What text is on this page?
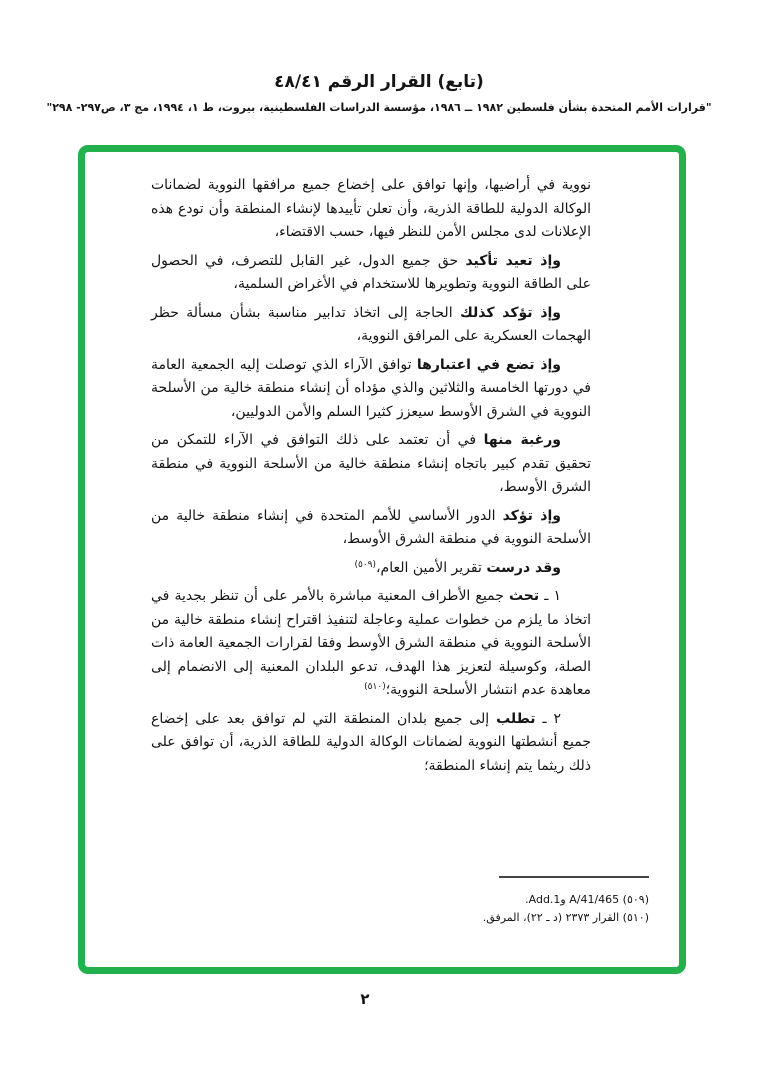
(تابع) القرار الرقم ٤٨/٤١
"قرارات الأمم المتحدة بشأن فلسطين ١٩٨٢ ــ ١٩٨٦، مؤسسة الدراسات الفلسطينية، بيروت، ط ١، ١٩٩٤، مج ٣، ص٢٩٧- ٢٩٨"

نووية في أراضيها، وإنها توافق على إخضاع جميع مرافقها النووية لضمانات الوكالة الدولية للطاقة الذرية، وأن تعلن تأييدها لإنشاء المنطقة وأن تودع هذه الإعلانات لدى مجلس الأمن للنظر فيها، حسب الاقتضاء،

وإذ تعيد تأكيد حق جميع الدول، غير القابل للتصرف، في الحصول على الطاقة النووية وتطويرها للاستخدام في الأغراض السلمية،

وإذ تؤكد كذلك الحاجة إلى اتخاذ تدابير مناسبة بشأن مسألة حظر الهجمات العسكرية على المرافق النووية،

وإذ تضع في اعتبارها توافق الآراء الذي توصلت إليه الجمعية العامة في دورتها الخامسة والثلاثين والذي مؤداه أن إنشاء منطقة خالية من الأسلحة النووية في الشرق الأوسط سيعزز كثيرا السلم والأمن الدوليين،

ورغبة منها في أن تعتمد على ذلك التوافق في الآراء للتمكن من تحقيق تقدم كبير باتجاه إنشاء منطقة خالية من الأسلحة النووية في منطقة الشرق الأوسط،

وإذ تؤكد الدور الأساسي للأمم المتحدة في إنشاء منطقة خالية من الأسلحة النووية في منطقة الشرق الأوسط،

وقد درست تقرير الأمين العام،$^{(٥٠٩)}$

١ ـ تحث جميع الأطراف المعنية مباشرة بالأمر على أن تنظر بجدية في اتخاذ ما يلزم من خطوات عملية وعاجلة لتنفيذ اقتراح إنشاء منطقة خالية من الأسلحة النووية في منطقة الشرق الأوسط وفقا لقرارات الجمعية العامة ذات الصلة، وكوسيلة لتعزيز هذا الهدف، تدعو البلدان المعنية إلى الانضمام إلى معاهدة عدم انتشار الأسلحة النووية؛$^{(٥١٠)}$

٢ ـ تطلب إلى جميع بلدان المنطقة التي لم توافق بعد على إخضاع جميع أنشطتها النووية لضمانات الوكالة الدولية للطاقة الذرية، أن توافق على ذلك ريثما يتم إنشاء المنطقة؛

(٥٠٩) A/41/465 وAdd.1.
(٥١٠) القرار ٢٣٧٣ (د ـ ٢٢)، المرفق.
٢
